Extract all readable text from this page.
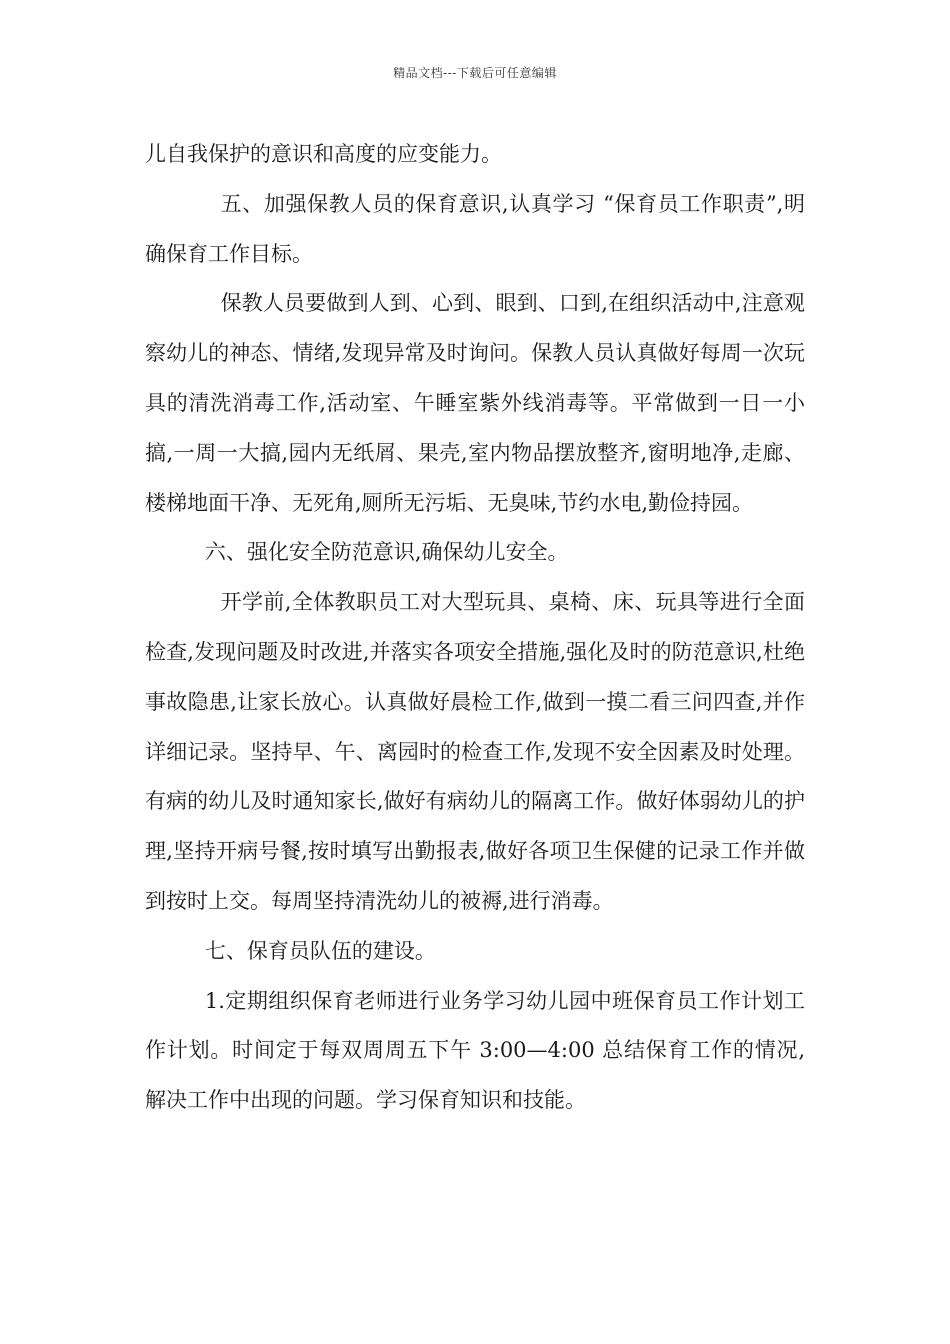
精品文档---下载后可任意编辑

儿自我保护的意识和高度的应变能力。

五、加强保教人员的保育意识,认真学习 “保育员工作职责”,明确保育工作目标。

保教人员要做到人到、心到、眼到、口到,在组织活动中,注意观察幼儿的神态、情绪,发现异常及时询问。保教人员认真做好每周一次玩具的清洗消毒工作,活动室、午睡室紫外线消毒等。平常做到一日一小搞,一周一大搞,园内无纸屑、果壳,室内物品摆放整齐,窗明地净,走廊、楼梯地面干净、无死角,厕所无污垢、无臭味,节约水电,勤俭持园。

六、强化安全防范意识,确保幼儿安全。

开学前,全体教职员工对大型玩具、桌椅、床、玩具等进行全面检查,发现问题及时改进,并落实各项安全措施,强化及时的防范意识,杜绝事故隐患,让家长放心。认真做好晨检工作,做到一摸二看三问四查,并作详细记录。坚持早、午、离园时的检查工作,发现不安全因素及时处理。有病的幼儿及时通知家长,做好有病幼儿的隔离工作。做好体弱幼儿的护理,坚持开病号餐,按时填写出勤报表,做好各项卫生保健的记录工作并做到按时上交。每周坚持清洗幼儿的被褥,进行消毒。

七、保育员队伍的建设。

1.定期组织保育老师进行业务学习幼儿园中班保育员工作计划工作计划。时间定于每双周周五下午 3:00—4:00 总结保育工作的情况,解决工作中出现的问题。学习保育知识和技能。
